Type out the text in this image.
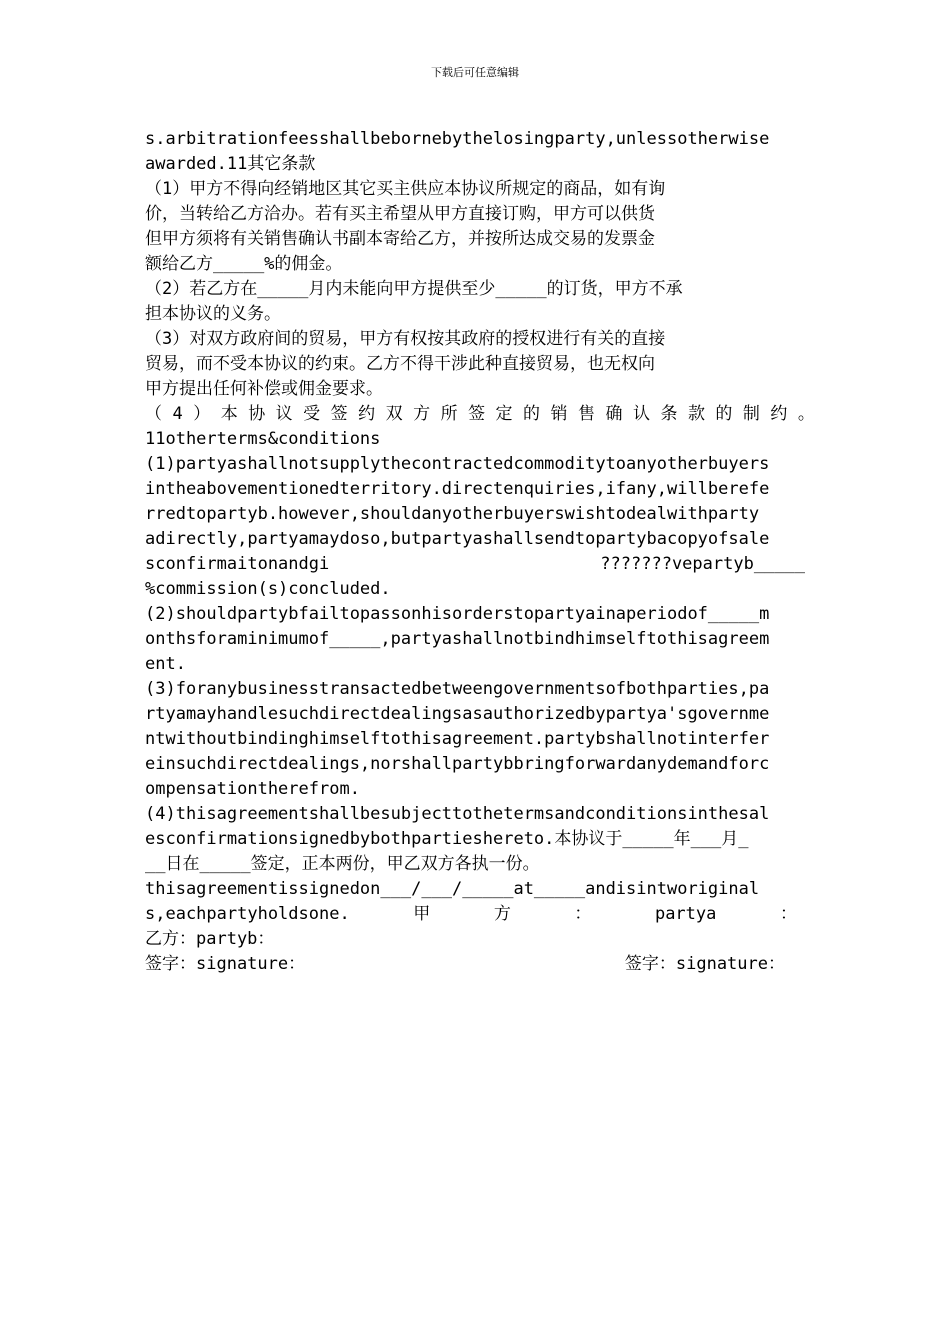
下载后可任意编辑
s.arbitrationfeesshallbebornebythelosingparty,unlessotherwise
awarded.11其它条款
（1）甲方不得向经销地区其它买主供应本协议所规定的商品，如有询
价，当转给乙方洽办。若有买主希望从甲方直接订购，甲方可以供货
但甲方须将有关销售确认书副本寄给乙方，并按所达成交易的发票金
额给乙方_____%的佣金。
（2）若乙方在_____月内未能向甲方提供至少_____的订货，甲方不承
担本协议的义务。
（3）对双方政府间的贸易，甲方有权按其政府的授权进行有关的直接
贸易，而不受本协议的约束。乙方不得干涉此种直接贸易，也无权向
甲方提出任何补偿或佣金要求。
（ 4 ） 本 协 议 受 签 约 双 方 所 签 定 的 销 售 确 认 条 款 的 制 约 。
11otherterms&conditions
(1)partyashallnotsupplythecontractedcommoditytoanyotherbuyers
intheabovementionedterritory.directenquiries,ifany,willberefe
rredtopartyb.however,shouldanyotherbuyerswishtodealwithparty
adirectly,partyamaydoso,butpartyashallsendtopartybacopyofsale
sconfirmaitonandgi	???????vepartyb_____
%commission(s)concluded.
(2)shouldpartybfailtopassonhisorderstopartyainaperiodof_____m
onthsforaminimumof_____,partyashallnotbindhimselftothisagreem
ent.
(3)foranybusinesstransactedbetweengovernmentsofbothparties,pa
rtyamayhandlesuchdirectdealingsasauthorizedbypartya'sgovernme
ntwithoutbindinghimselftothisagreement.partybshallnotinterfer
einsuchdirectdealings,norshallpartybbringforwardanydemandforc
ompensationtherefrom.
(4)thisagreementshallbesubjecttothetermsandconditionsinthesal
esconfirmationsignedbybothpartieshereto.本协议于_____年___月_
__日在_____签定，正本两份，甲乙双方各执一份。
thisagreementissignedon___/___/_____at_____andisintworiginal
s,eachpartyholdsone.	甲	方	：	partya	：
乙方：partyb：
签字：signature：	签字：signature：
